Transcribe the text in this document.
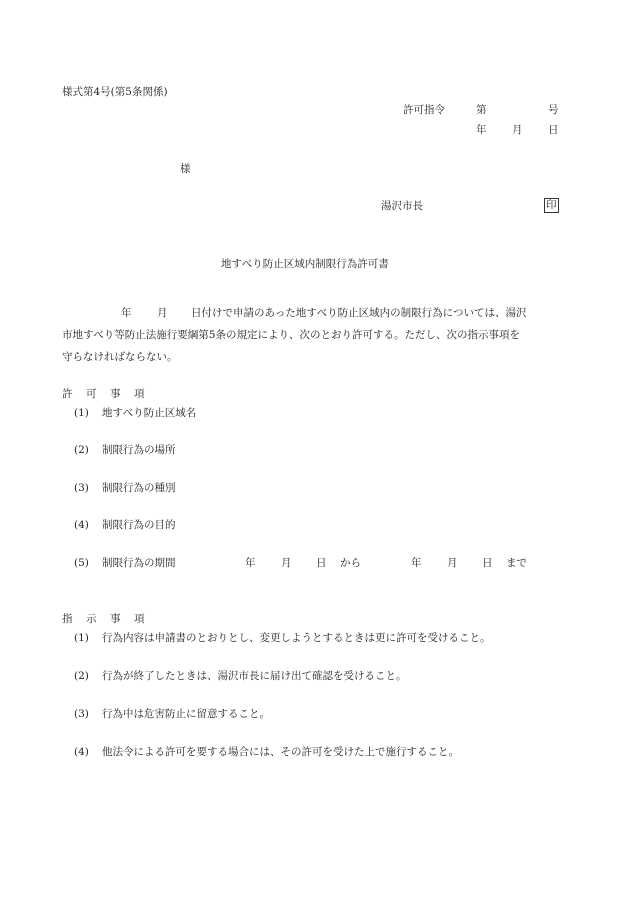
様式第4号(第5条関係)
許可指令	第	号
年 月 日
様
湯沢市長	印
地すべり防止区域内制限行為許可書
年 月 日付けで申請のあった地すべり防止区域内の制限行為については、湯沢
市地すべり等防止法施行要綱第5条の規定により、次のとおり許可する。ただし、次の指示事項を
守らなければならない。
許 可 事 項
(1) 地すべり防止区域名
(2) 制限行為の場所
(3) 制限行為の種別
(4) 制限行為の目的
(5) 制限行為の期間	年 月 日 から	年 月 日 まで
指 示 事 項
(1) 行為内容は申請書のとおりとし、変更しようとするときは更に許可を受けること。
(2) 行為が終了したときは、湯沢市長に届け出て確認を受けること。
(3) 行為中は危害防止に留意すること。
(4) 他法令による許可を要する場合には、その許可を受けた上で施行すること。
